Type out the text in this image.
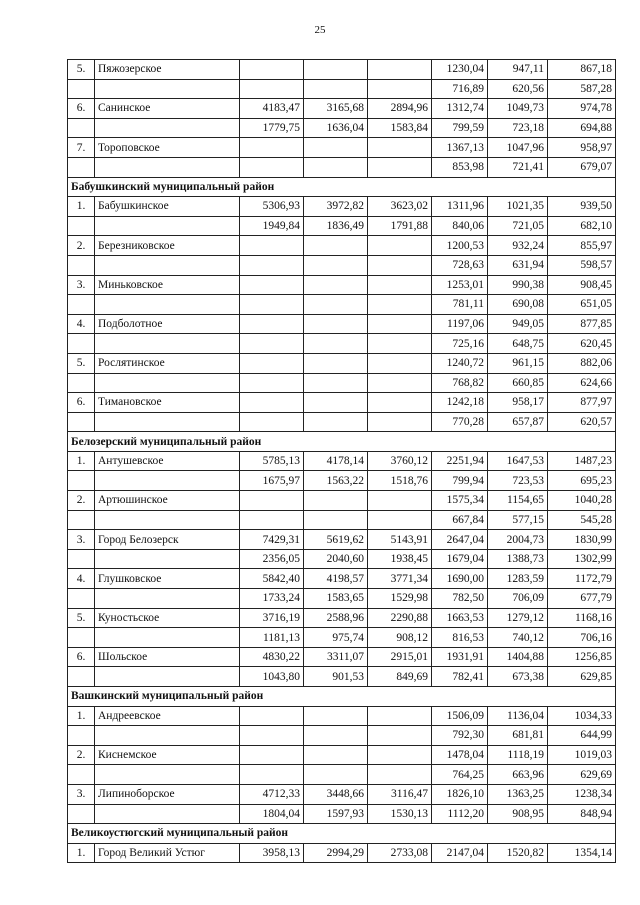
25
5.	Пяжозерское				1230,04	947,11	867,18
					716,89	620,56	587,28
6.	Санинское	4183,47	3165,68	2894,96	1312,74	1049,73	974,78
		1779,75	1636,04	1583,84	799,59	723,18	694,88
7.	Тороповское				1367,13	1047,96	958,97
					853,98	721,41	679,07
Бабушкинский муниципальный район							
1.	Бабушкинское	5306,93	3972,82	3623,02	1311,96	1021,35	939,50
		1949,84	1836,49	1791,88	840,06	721,05	682,10
2.	Березниковское				1200,53	932,24	855,97
					728,63	631,94	598,57
3.	Миньковское				1253,01	990,38	908,45
					781,11	690,08	651,05
4.	Подболотное				1197,06	949,05	877,85
					725,16	648,75	620,45
5.	Рослятинское				1240,72	961,15	882,06
					768,82	660,85	624,66
6.	Тимановское				1242,18	958,17	877,97
					770,28	657,87	620,57
Белозерский муниципальный район							
1.	Антушевское	5785,13	4178,14	3760,12	2251,94	1647,53	1487,23
		1675,97	1563,22	1518,76	799,94	723,53	695,23
2.	Артюшинское				1575,34	1154,65	1040,28
					667,84	577,15	545,28
3.	Город Белозерск	7429,31	5619,62	5143,91	2647,04	2004,73	1830,99
		2356,05	2040,60	1938,45	1679,04	1388,73	1302,99
4.	Глушковское	5842,40	4198,57	3771,34	1690,00	1283,59	1172,79
		1733,24	1583,65	1529,98	782,50	706,09	677,79
5.	Куностьское	3716,19	2588,96	2290,88	1663,53	1279,12	1168,16
		1181,13	975,74	908,12	816,53	740,12	706,16
6.	Шольское	4830,22	3311,07	2915,01	1931,91	1404,88	1256,85
		1043,80	901,53	849,69	782,41	673,38	629,85
Вашкинский муниципальный район							
1.	Андреевское				1506,09	1136,04	1034,33
					792,30	681,81	644,99
2.	Киснемское				1478,04	1118,19	1019,03
					764,25	663,96	629,69
3.	Липиноборское	4712,33	3448,66	3116,47	1826,10	1363,25	1238,34
		1804,04	1597,93	1530,13	1112,20	908,95	848,94
Великоустюгский муниципальный район							
1.	Город Великий Устюг	3958,13	2994,29	2733,08	2147,04	1520,82	1354,14
